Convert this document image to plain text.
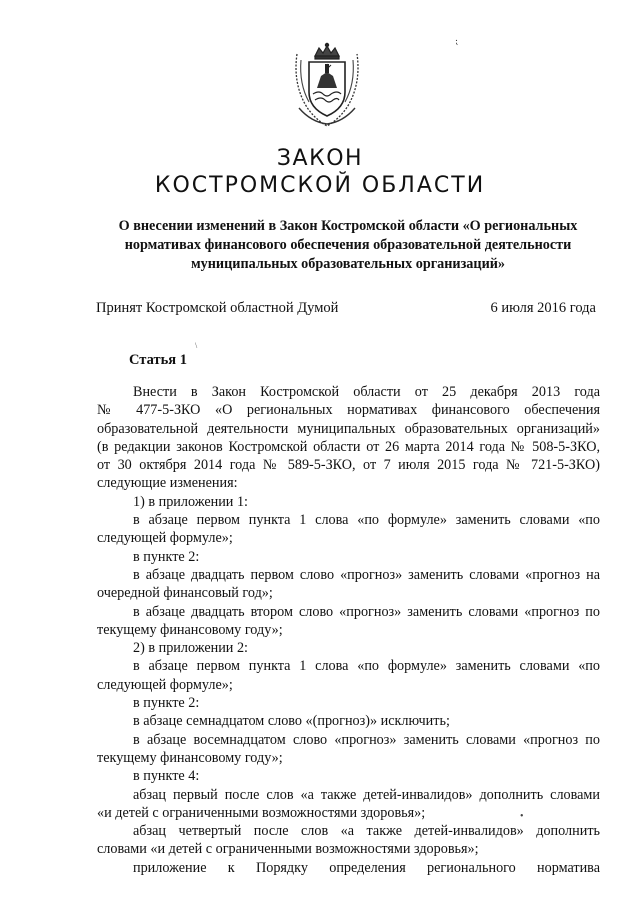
⁏
ЗАКОН
КОСТРОМСКОЙ ОБЛАСТИ
О внесении изменений в Закон Костромской области «О региональных
нормативах финансового обеспечения образовательной деятельности
муниципальных образовательных организаций»
Принят Костромской областной Думой	6 июля 2016 года
\
Статья 1

Внести в Закон Костромской области от 25 декабря 2013 года

№ 477-5-ЗКО «О региональных нормативах финансового обеспечения

образовательной деятельности муниципальных образовательных организаций»

(в редакции законов Костромской области от 26 марта 2014 года № 508-5-ЗКО,

от 30 октября 2014 года № 589-5-ЗКО, от 7 июля 2015 года № 721-5-ЗКО)

следующие изменения:

1) в приложении 1:

в абзаце первом пункта 1 слова «по формуле» заменить словами «по

следующей формуле»;

в пункте 2:

в абзаце двадцать первом слово «прогноз» заменить словами «прогноз на

очередной финансовый год»;

в абзаце двадцать втором слово «прогноз» заменить словами «прогноз по

текущему финансовому году»;

2) в приложении 2:

в абзаце первом пункта 1 слова «по формуле» заменить словами «по

следующей формуле»;

в пункте 2:

в абзаце семнадцатом слово «(прогноз)» исключить;

в абзаце восемнадцатом слово «прогноз» заменить словами «прогноз по

текущему финансовому году»;

в пункте 4:

абзац первый после слов «а также детей-инвалидов» дополнить словами

«и детей с ограниченными возможностями здоровья»;

абзац четвертый после слов «а также детей-инвалидов» дополнить

словами «и детей с ограниченными возможностями здоровья»;

приложение к Порядку определения регионального норматива

•
